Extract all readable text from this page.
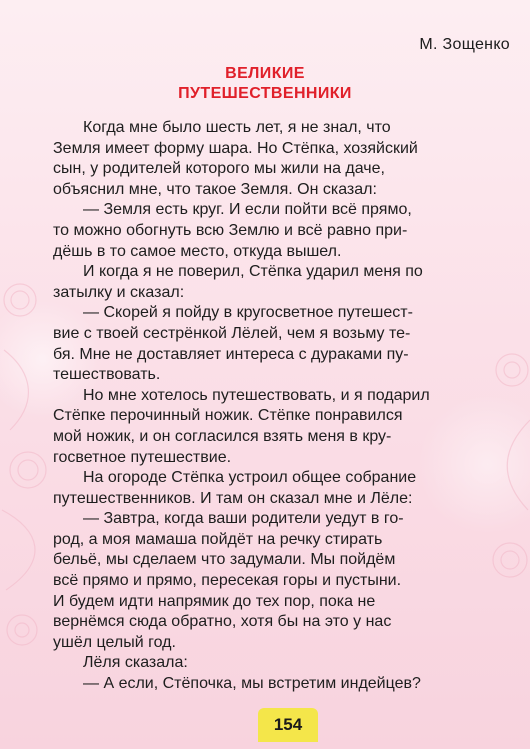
М. Зощенко
ВЕЛИКИЕ
ПУТЕШЕСТВЕННИКИ
Когда мне было шесть лет, я не знал, что
Земля имеет форму шара. Но Стёпка, хозяйский
сын, у родителей которого мы жили на даче,
объяснил мне, что такое Земля. Он сказал:
— Земля есть круг. И если пойти всё прямо,
то можно обогнуть всю Землю и всё равно при-
дёшь в то самое место, откуда вышел.
И когда я не поверил, Стёпка ударил меня по
затылку и сказал:
— Скорей я пойду в кругосветное путешест-
вие с твоей сестрёнкой Лёлей, чем я возьму те-
бя. Мне не доставляет интереса с дураками пу-
тешествовать.
Но мне хотелось путешествовать, и я подарил
Стёпке перочинный ножик. Стёпке понравился
мой ножик, и он согласился взять меня в кру-
госветное путешествие.
На огороде Стёпка устроил общее собрание
путешественников. И там он сказал мне и Лёле:
— Завтра, когда ваши родители уедут в го-
род, а моя мамаша пойдёт на речку стирать
бельё, мы сделаем что задумали. Мы пойдём
всё прямо и прямо, пересекая горы и пустыни.
И будем идти напрямик до тех пор, пока не
вернёмся сюда обратно, хотя бы на это у нас
ушёл целый год.
Лёля сказала:
— А если, Стёпочка, мы встретим индейцев?
154
